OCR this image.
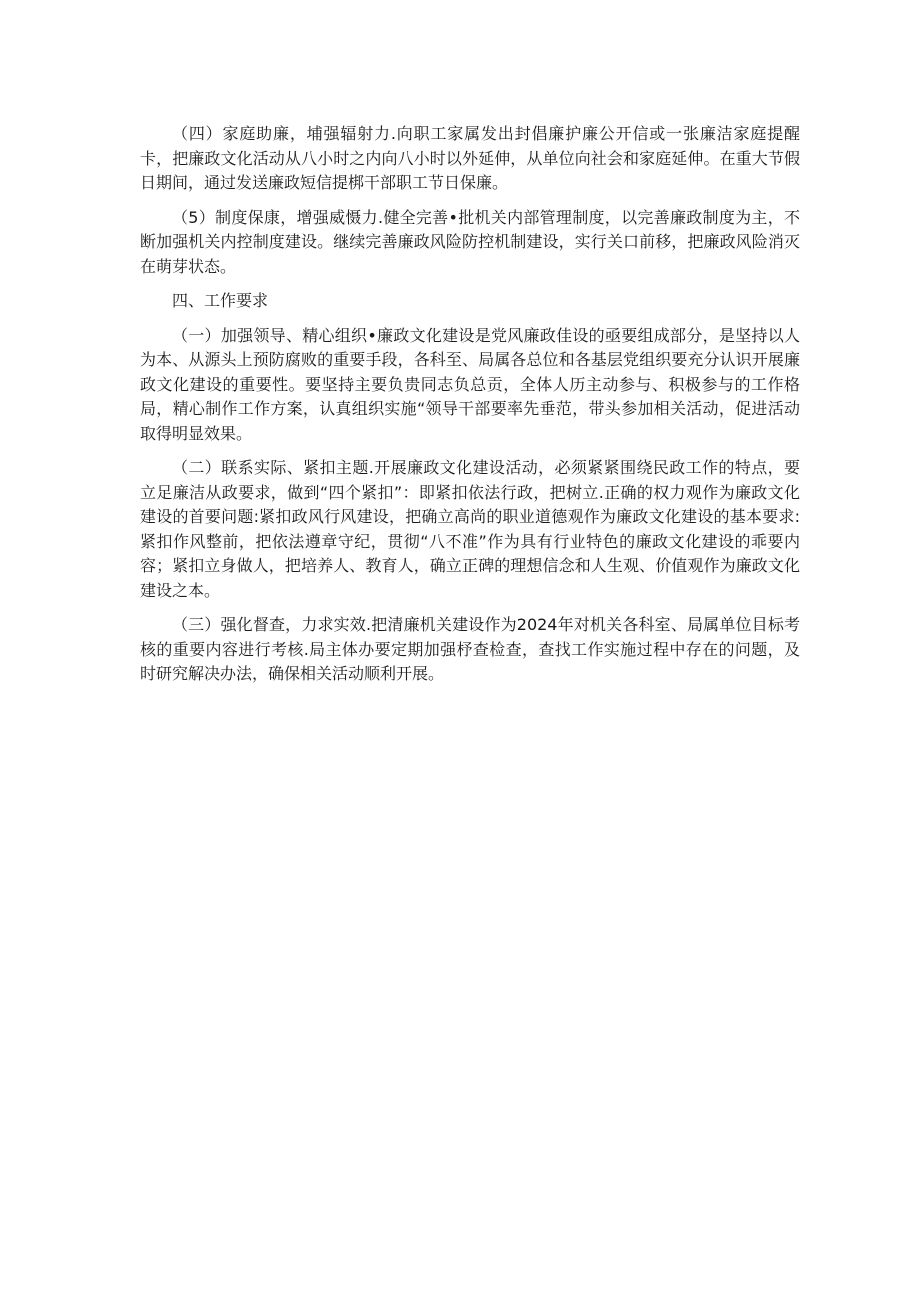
（四）家庭助廉，埔强辐射力.向职工家属发出封倡廉护廉公开信或一张廉洁家庭提醒卡，把廉政文化活动从八小时之内向八小时以外延伸，从单位向社会和家庭延伸。在重大节假日期间，通过发送廉政短信提梆干部职工节日保廉。

（5）制度保康，增强威慑力.健全完善•批机关内部管理制度，以完善廉政制度为主，不断加强机关内控制度建设。继续完善廉政风险防控机制建设，实行关口前移，把廉政风险消灭在萌芽状态。

四、工作要求

（一）加强领导、精心组织•廉政文化建设是党风廉政佳设的亟要组成部分，是坚持以人为本、从源头上预防腐败的重要手段，各科至、局属各总位和各基层党组织要充分认识开展廉政文化建设的重要性。要坚持主要负贵同志负总贡，全体人历主动参与、积极参与的工作格局，精心制作工作方案，认真组织实施“领导干部要率先垂范，带头参加相关活动，促进活动取得明显效果。

（二）联系实际、紧扣主题.开展廉政文化建设活动，必须紧紧围绕民政工作的特点，要立足廉洁从政要求，做到“四个紧扣”：即紧扣依法行政，把树立.正确的权力观作为廉政文化建设的首要问题:紧扣政风行风建设，把确立高尚的职业道德观作为廉政文化建设的基本要求:紧扣作风整前，把依法遵章守纪，贯彻“八不准”作为具有行业特色的廉政文化建设的乖要内容；紧扣立身做人，把培养人、教育人，确立正碑的理想信念和人生观、价值观作为廉政文化建设之本。

（三）强化督查，力求实效.把清廉机关建设作为2024年对机关各科室、局属单位目标考核的重要内容进行考核.局主体办要定期加强杼查检查，查找工作实施过程中存在的问题，及时研究解决办法，确保相关活动顺利开展。
